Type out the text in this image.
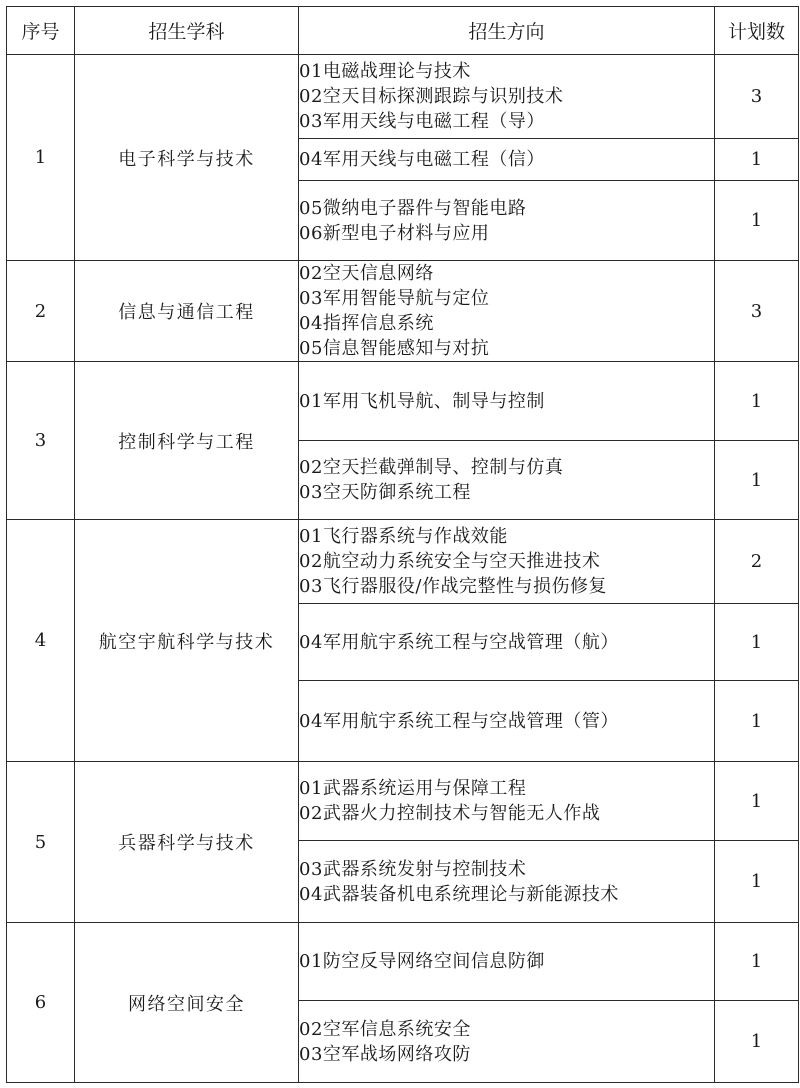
序号	招生学科	招生方向	计划数
1	电子科学与技术	01电磁战理论与技术
02空天目标探测跟踪与识别技术
03军用天线与电磁工程（导）	3

		04军用天线与电磁工程（信）	1

		05微纳电子器件与智能电路
06新型电子材料与应用	1
2	信息与通信工程	02空天信息网络
03军用智能导航与定位
04指挥信息系统
05信息智能感知与对抗	3
3	控制科学与工程	01军用飞机导航、制导与控制	1

		02空天拦截弹制导、控制与仿真
03空天防御系统工程	1
4	航空宇航科学与技术	01飞行器系统与作战效能
02航空动力系统安全与空天推进技术
03飞行器服役/作战完整性与损伤修复	2

		04军用航宇系统工程与空战管理（航）	1

		04军用航宇系统工程与空战管理（管）	1
5	兵器科学与技术	01武器系统运用与保障工程
02武器火力控制技术与智能无人作战	1

		03武器系统发射与控制技术
04武器装备机电系统理论与新能源技术	1
6	网络空间安全	01防空反导网络空间信息防御	1

		02空军信息系统安全
03空军战场网络攻防	1
